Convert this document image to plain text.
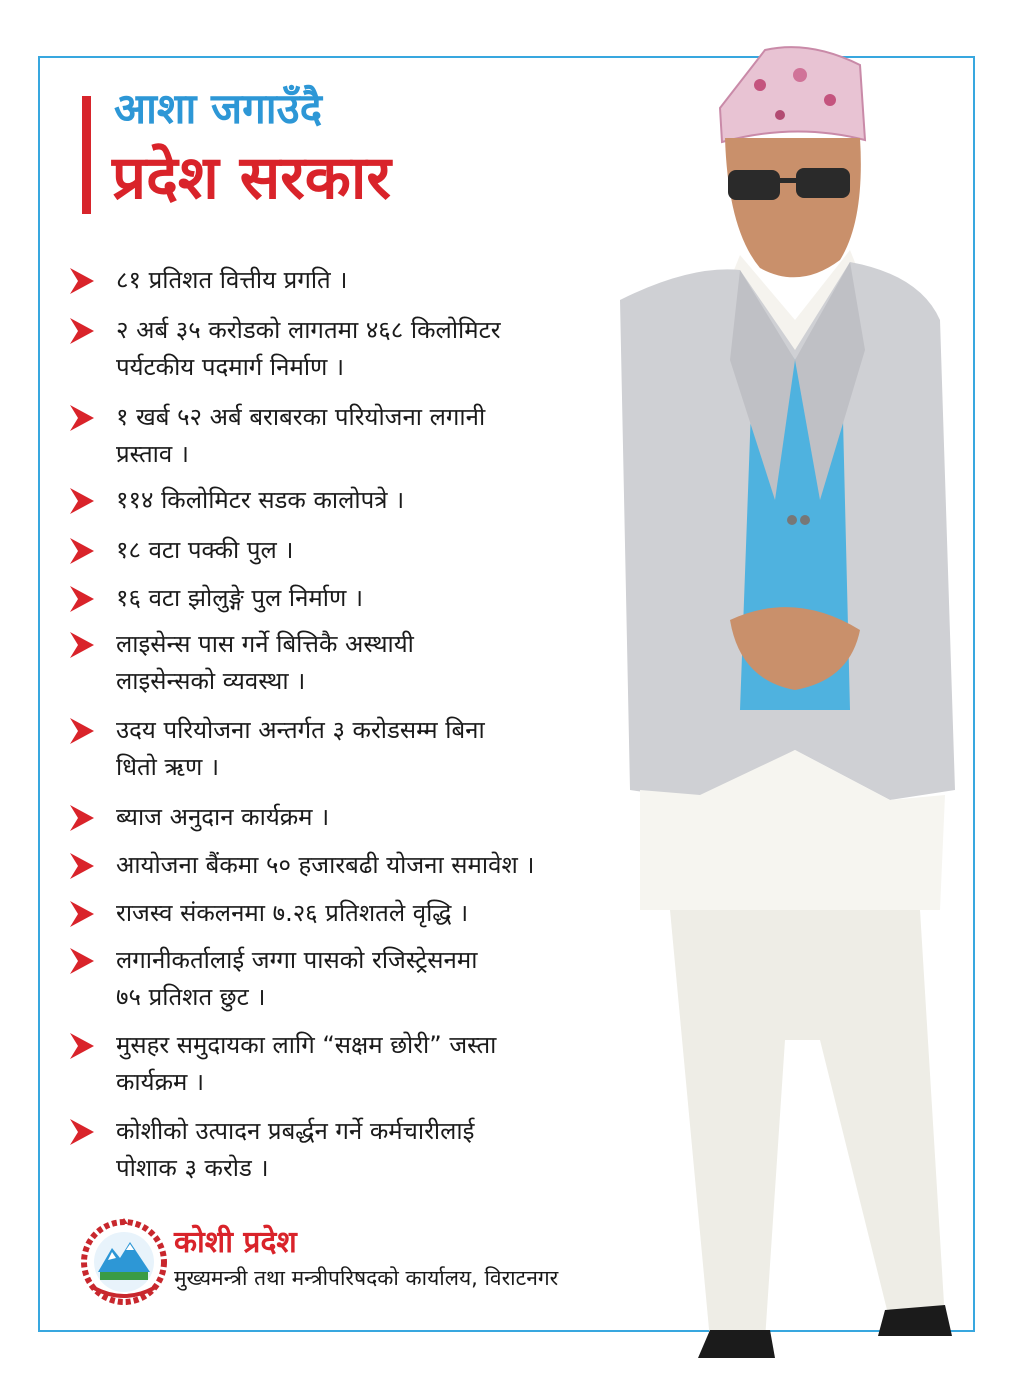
आशा जगाउँदै
प्रदेश सरकार
८१ प्रतिशत वित्तीय प्रगति ।
२ अर्ब ३५ करोडको लागतमा ४६८ किलोमिटर
पर्यटकीय पदमार्ग निर्माण ।
१ खर्ब ५२ अर्ब बराबरका परियोजना लगानी
प्रस्ताव ।
११४ किलोमिटर सडक कालोपत्रे ।
१८ वटा पक्की पुल ।
१६ वटा झोलुङ्गे पुल निर्माण ।
लाइसेन्स पास गर्ने बित्तिकै अस्थायी
लाइसेन्सको व्यवस्था ।
उदय परियोजना अन्तर्गत ३ करोडसम्म बिना
धितो ऋण ।
ब्याज अनुदान कार्यक्रम ।
आयोजना बैंकमा ५० हजारबढी योजना समावेश ।
राजस्व संकलनमा ७.२६ प्रतिशतले वृद्धि ।
लगानीकर्तालाई जग्गा पासको रजिस्ट्रेसनमा
७५ प्रतिशत छुट ।
मुसहर समुदायका लागि “सक्षम छोरी” जस्ता
कार्यक्रम ।
कोशीको उत्पादन प्रबर्द्धन गर्ने कर्मचारीलाई
पोशाक ३ करोड ।
कोशी प्रदेश
मुख्यमन्त्री तथा मन्त्रीपरिषदको कार्यालय, विराटनगर
